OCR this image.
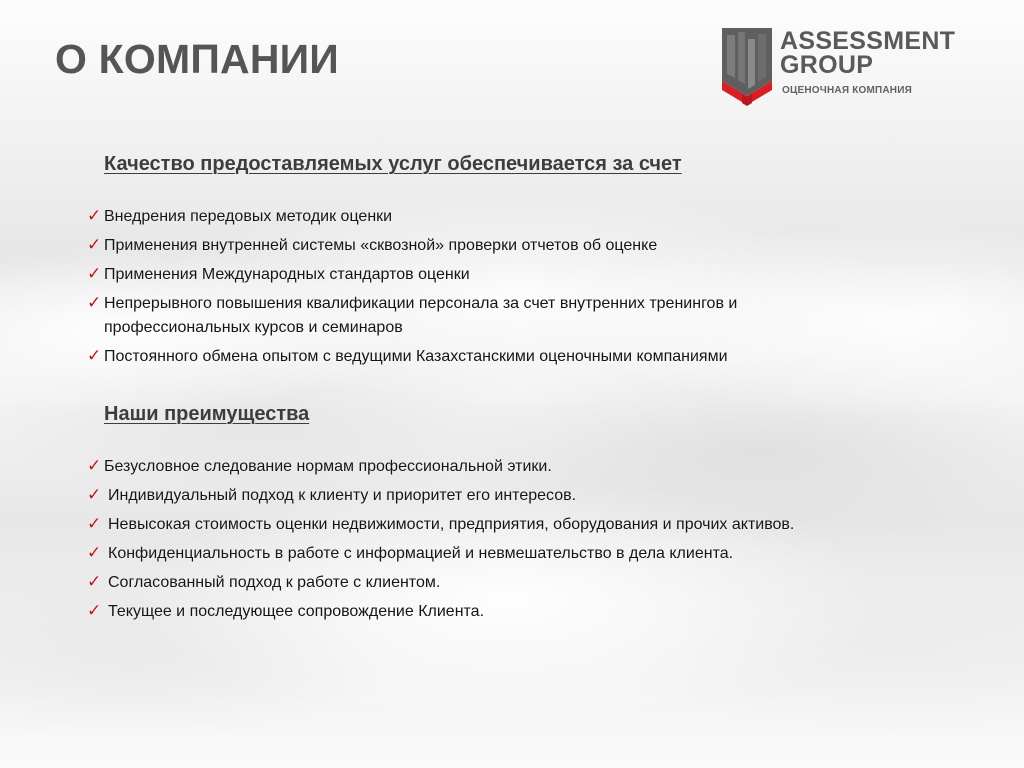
О КОМПАНИИ	ASSESSMENT
GROUP

ОЦЕНОЧНАЯ КОМПАНИЯ

Качество предоставляемых услуг обеспечивается за счет
✓ Внедрения передовых методик оценки
✓ Применения внутренней системы «сквозной» проверки отчетов об оценке
✓ Применения Международных стандартов оценки
✓ Непрерывного повышения квалификации персонала за счет внутренних тренингов и профессиональных курсов и семинаров
✓ Постоянного обмена опытом с ведущими Казахстанскими оценочными компаниями
Наши преимущества
✓ Безусловное следование нормам профессиональной этики.
✓ Индивидуальный подход к клиенту и приоритет его интересов.
✓ Невысокая стоимость оценки недвижимости, предприятия, оборудования и прочих активов.
✓ Конфиденциальность в работе с информацией и невмешательство в дела клиента.
✓ Согласованный подход к работе с клиентом.
✓ Текущее и последующее сопровождение Клиента.
